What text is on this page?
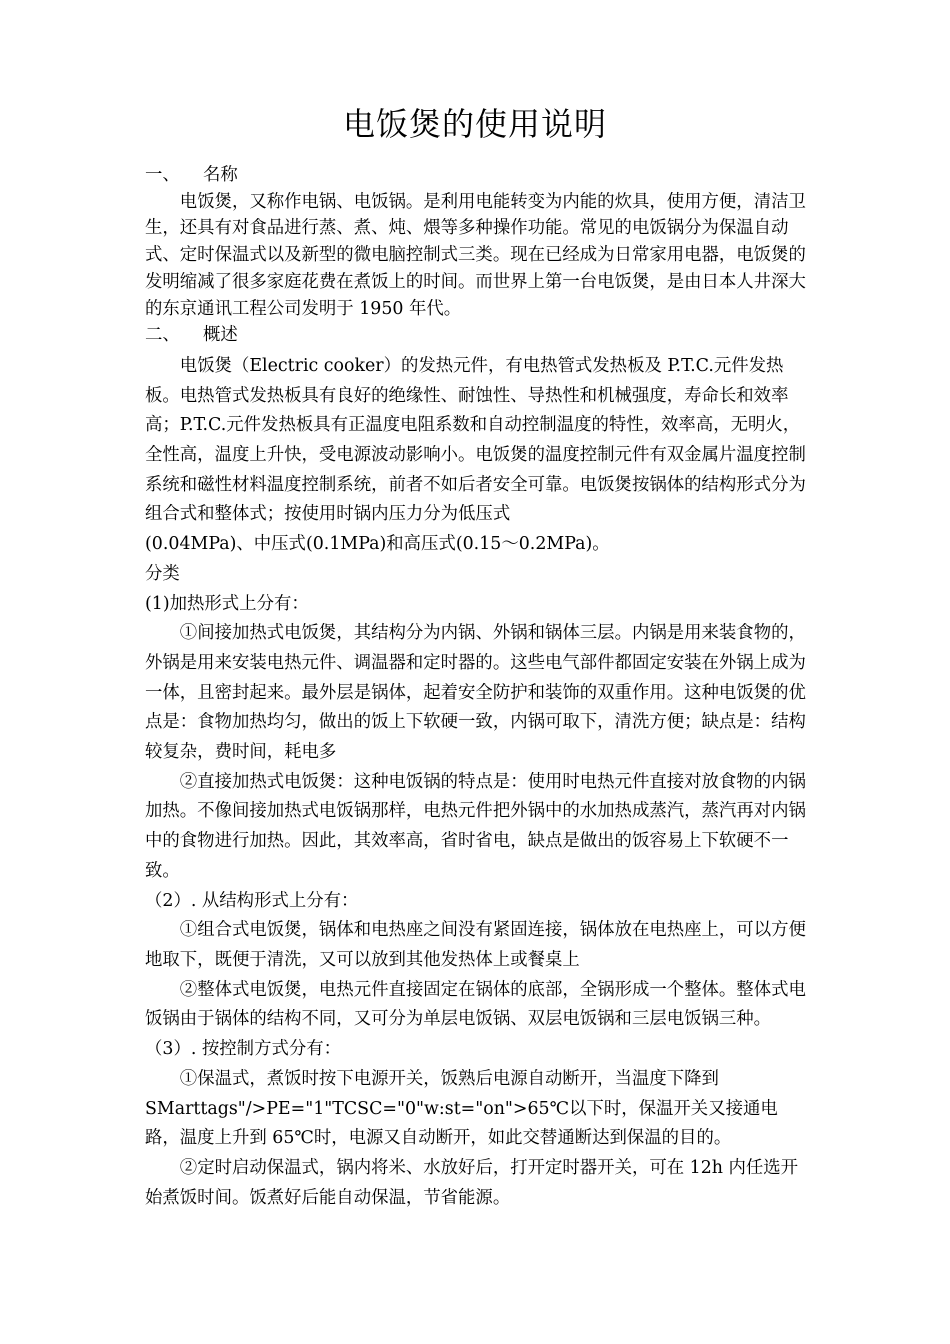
电饭煲的使用说明

一、 名称

电饭煲，又称作电锅、电饭锅。是利用电能转变为内能的炊具，使用方便，清洁卫生，还具有对食品进行蒸、煮、炖、煨等多种操作功能。常见的电饭锅分为保温自动式、定时保温式以及新型的微电脑控制式三类。现在已经成为日常家用电器，电饭煲的发明缩减了很多家庭花费在煮饭上的时间。而世界上第一台电饭煲，是由日本人井深大的东京通讯工程公司发明于 1950 年代。

二、 概述

电饭煲（Electric cooker）的发热元件，有电热管式发热板及 P.T.C.元件发热板。电热管式发热板具有良好的绝缘性、耐蚀性、导热性和机械强度，寿命长和效率高；P.T.C.元件发热板具有正温度电阻系数和自动控制温度的特性，效率高，无明火，全性高，温度上升快，受电源波动影响小。电饭煲的温度控制元件有双金属片温度控制系统和磁性材料温度控制系统，前者不如后者安全可靠。电饭煲按锅体的结构形式分为组合式和整体式；按使用时锅内压力分为低压式

(0.04MPa)、中压式(0.1MPa)和高压式(0.15～0.2MPa)。

分类

(1)加热形式上分有：

①间接加热式电饭煲，其结构分为内锅、外锅和锅体三层。内锅是用来装食物的，外锅是用来安装电热元件、调温器和定时器的。这些电气部件都固定安装在外锅上成为一体，且密封起来。最外层是锅体，起着安全防护和装饰的双重作用。这种电饭煲的优点是：食物加热均匀，做出的饭上下软硬一致，内锅可取下，清洗方便；缺点是：结构较复杂，费时间，耗电多

②直接加热式电饭煲：这种电饭锅的特点是：使用时电热元件直接对放食物的内锅加热。不像间接加热式电饭锅那样，电热元件把外锅中的水加热成蒸汽，蒸汽再对内锅中的食物进行加热。因此，其效率高，省时省电，缺点是做出的饭容易上下软硬不一致。

（2）. 从结构形式上分有：

①组合式电饭煲，锅体和电热座之间没有紧固连接，锅体放在电热座上，可以方便地取下，既便于清洗，又可以放到其他发热体上或餐桌上

②整体式电饭煲，电热元件直接固定在锅体的底部，全锅形成一个整体。整体式电饭锅由于锅体的结构不同，又可分为单层电饭锅、双层电饭锅和三层电饭锅三种。

（3）. 按控制方式分有：

①保温式，煮饭时按下电源开关，饭熟后电源自动断开，当温度下降到

SMarttags"/>PE="1"TCSC="0"w:st="on">65℃以下时，保温开关又接通电路，温度上升到 65℃时，电源又自动断开，如此交替通断达到保温的目的。

②定时启动保温式，锅内将米、水放好后，打开定时器开关，可在 12h 内任选开始煮饭时间。饭煮好后能自动保温，节省能源。
